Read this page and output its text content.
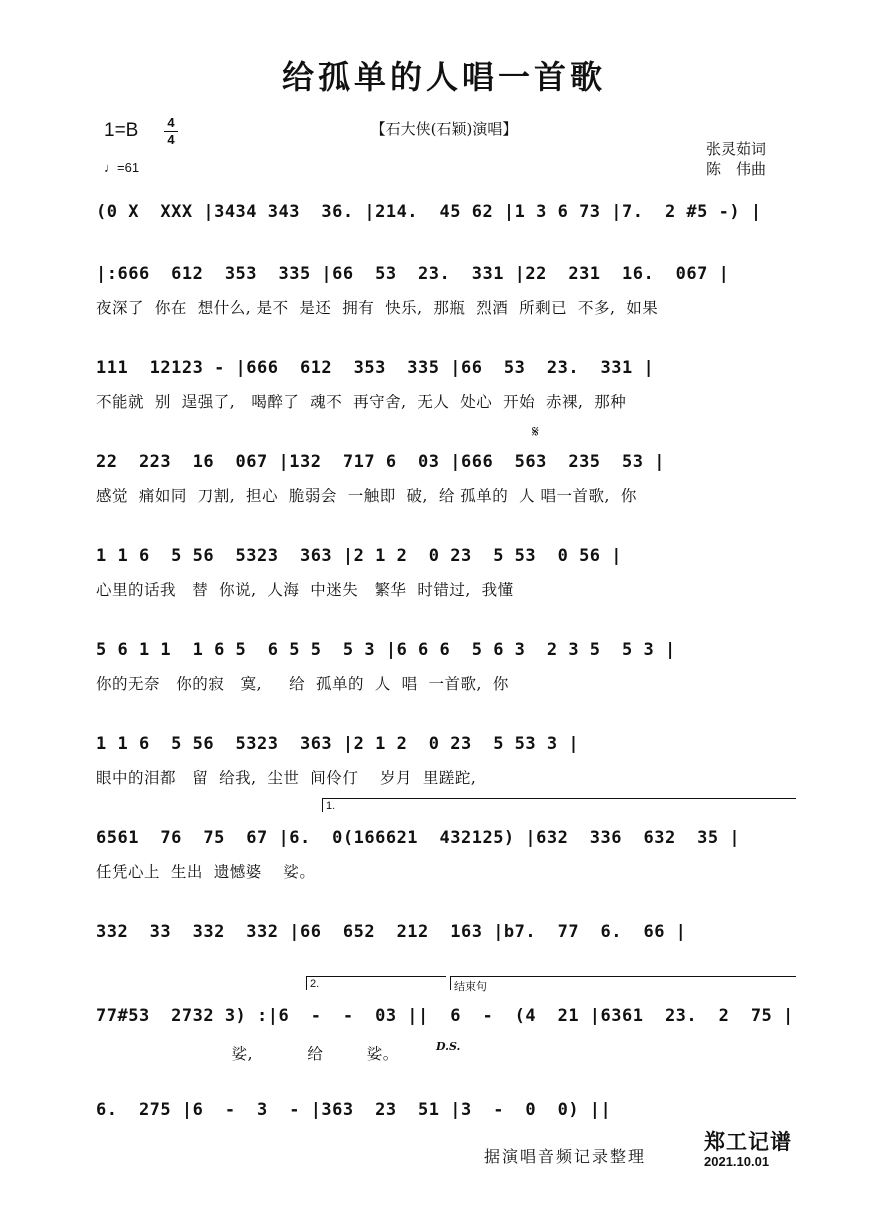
给孤单的人唱一首歌
【石大侠(石颖)演唱】
1=B 4
4
♩=61
张灵茹词
陈　伟曲
(0 X  XXX |3434 343  36. |214.  45 62 |1 3 6 73 |7.  2 #5 -) |
|:666  612  353  335 |66  53  23.  331 |22  231  16.  067 |
夜深了  你在  想什么, 是不  是还  拥有  快乐,  那瓶  烈酒  所剩已  不多,  如果
111  12123 - |666  612  353  335 |66  53  23.  331 |
不能就  别  逞强了,   喝醉了  魂不  再守舍,  无人  处心  开始  赤裸,  那种
𝄋
22  223  16  067 |132  717 6  03 |666  563  235  53 |
感觉  痛如同  刀割,  担心  脆弱会  一触即  破,  给 孤单的  人 唱一首歌,  你
1 1 6  5 56  5323  363 |2 1 2  0 23  5 53  0 56 |
心里的话我   替  你说,  人海  中迷失   繁华  时错过,  我懂
5 6 1 1  1 6 5  6 5 5  5 3 |6 6 6  5 6 3  2 3 5  5 3 |
你的无奈   你的寂   寞,     给  孤单的  人  唱  一首歌,  你
1 1 6  5 56  5323  363 |2 1 2  0 23  5 53 3 |
眼中的泪都   留  给我,  尘世  间伶仃    岁月  里蹉跎,
1.
6561  76  75  67 |6.  0(166621  432125) |632  336  632  35 |
任凭心上  生出  遗憾婆    娑。
332  33  332  332 |66  652  212  163 |b7.  77  6.  66 |
2.	结束句
77#53  2732 3) :|6  -  -  03 ||  6  -  (4  21 |6361  23.  2  75 |
D.S.
娑,          给        娑。
6.  275 |6  -  3  - |363  23  51 |3  -  0  0) ||
据演唱音频记录整理
郑工记谱
2021.10.01
